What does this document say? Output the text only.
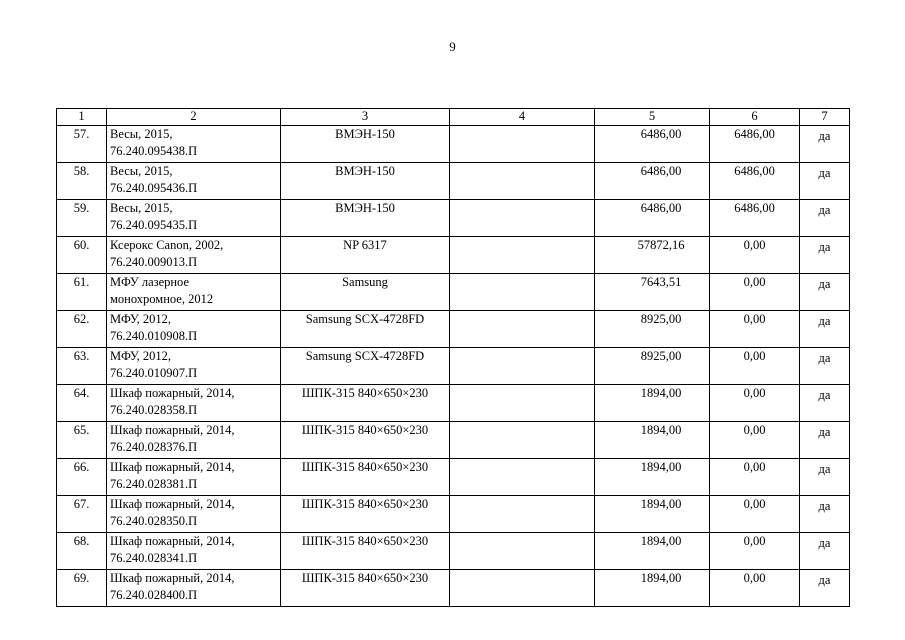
9
1	2	3	4	5	6	7
57.	Весы, 2015,
76.240.095438.П	ВМЭН-150		6486,00	6486,00	да
58.	Весы, 2015,
76.240.095436.П	ВМЭН-150		6486,00	6486,00	да
59.	Весы, 2015,
76.240.095435.П	ВМЭН-150		6486,00	6486,00	да
60.	Ксерокс Canon, 2002,
76.240.009013.П	NP 6317		57872,16	0,00	да
61.	МФУ лазерное
монохромное, 2012	Samsung		7643,51	0,00	да
62.	МФУ, 2012,
76.240.010908.П	Samsung SCX-4728FD		8925,00	0,00	да
63.	МФУ, 2012,
76.240.010907.П	Samsung SCX-4728FD		8925,00	0,00	да
64.	Шкаф пожарный, 2014,
76.240.028358.П	ШПК-315 840×650×230		1894,00	0,00	да
65.	Шкаф пожарный, 2014,
76.240.028376.П	ШПК-315 840×650×230		1894,00	0,00	да
66.	Шкаф пожарный, 2014,
76.240.028381.П	ШПК-315 840×650×230		1894,00	0,00	да
67.	Шкаф пожарный, 2014,
76.240.028350.П	ШПК-315 840×650×230		1894,00	0,00	да
68.	Шкаф пожарный, 2014,
76.240.028341.П	ШПК-315 840×650×230		1894,00	0,00	да
69.	Шкаф пожарный, 2014,
76.240.028400.П	ШПК-315 840×650×230		1894,00	0,00	да
